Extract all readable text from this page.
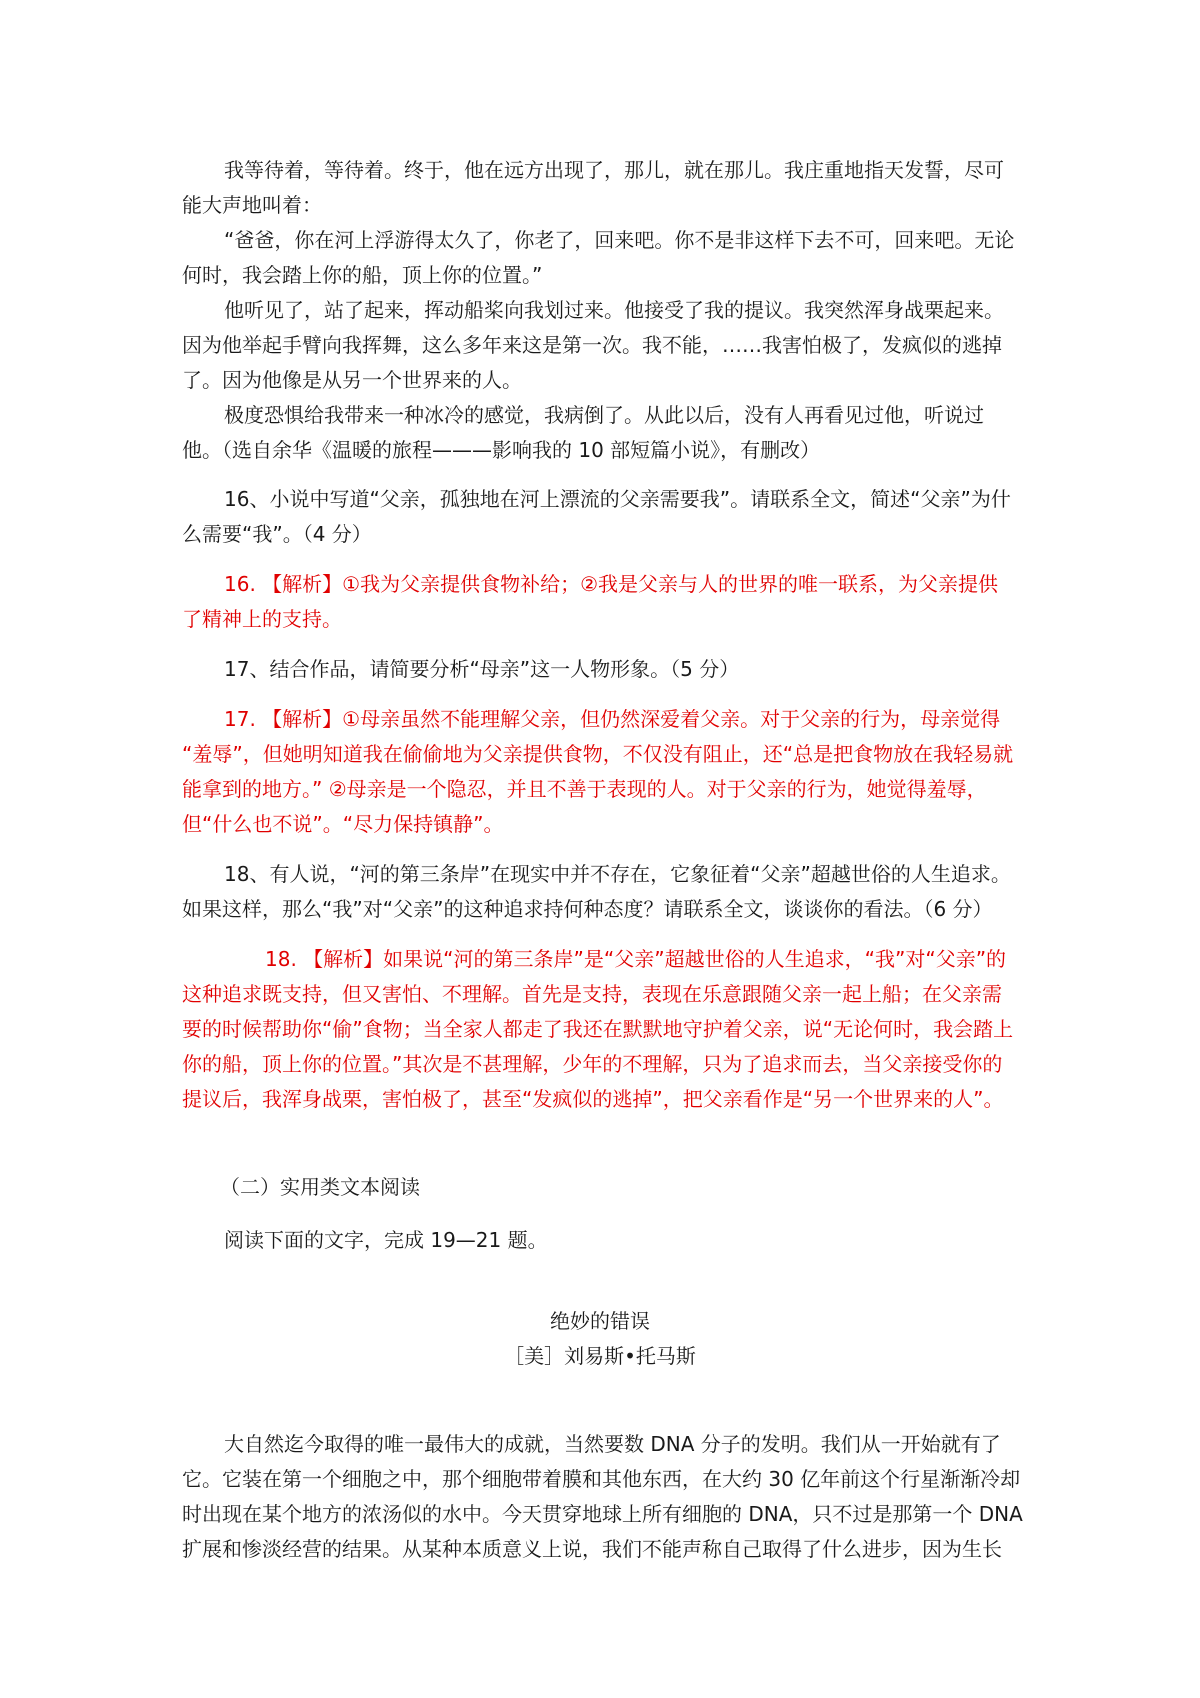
我等待着，等待着。终于，他在远方出现了，那儿，就在那儿。我庄重地指天发誓，尽可
能大声地叫着：
“爸爸，你在河上浮游得太久了，你老了，回来吧。你不是非这样下去不可，回来吧。无论
何时，我会踏上你的船，顶上你的位置。”
他听见了，站了起来，挥动船桨向我划过来。他接受了我的提议。我突然浑身战栗起来。
因为他举起手臂向我挥舞，这么多年来这是第一次。我不能，……我害怕极了，发疯似的逃掉
了。因为他像是从另一个世界来的人。
极度恐惧给我带来一种冰冷的感觉，我病倒了。从此以后，没有人再看见过他，听说过
他。（选自余华《温暖的旅程———影响我的 10 部短篇小说》，有删改）
16、小说中写道“父亲，孤独地在河上漂流的父亲需要我”。请联系全文，简述“父亲”为什
么需要“我”。（4 分）
16. 【解析】①我为父亲提供食物补给；②我是父亲与人的世界的唯一联系，为父亲提供
了精神上的支持。
17、结合作品，请简要分析“母亲”这一人物形象。（5 分）
17. 【解析】①母亲虽然不能理解父亲，但仍然深爱着父亲。对于父亲的行为，母亲觉得
“羞辱”，但她明知道我在偷偷地为父亲提供食物，不仅没有阻止，还“总是把食物放在我轻易就
能拿到的地方。” ②母亲是一个隐忍，并且不善于表现的人。对于父亲的行为，她觉得羞辱，
但“什么也不说”。“尽力保持镇静”。
18、有人说，“河的第三条岸”在现实中并不存在，它象征着“父亲”超越世俗的人生追求。
如果这样，那么“我”对“父亲”的这种追求持何种态度？请联系全文，谈谈你的看法。（6 分）
18. 【解析】如果说“河的第三条岸”是“父亲”超越世俗的人生追求，“我”对“父亲”的
这种追求既支持，但又害怕、不理解。首先是支持，表现在乐意跟随父亲一起上船；在父亲需
要的时候帮助你“偷”食物；当全家人都走了我还在默默地守护着父亲，说“无论何时，我会踏上
你的船，顶上你的位置。”其次是不甚理解，少年的不理解，只为了追求而去，当父亲接受你的
提议后，我浑身战栗，害怕极了，甚至“发疯似的逃掉”，把父亲看作是“另一个世界来的人”。
（二）实用类文本阅读
阅读下面的文字，完成 19—21 题。
绝妙的错误
［美］刘易斯•托马斯
大自然迄今取得的唯一最伟大的成就，当然要数 DNA 分子的发明。我们从一开始就有了
它。它装在第一个细胞之中，那个细胞带着膜和其他东西，在大约 30 亿年前这个行星渐渐冷却
时出现在某个地方的浓汤似的水中。今天贯穿地球上所有细胞的 DNA，只不过是那第一个 DNA
扩展和惨淡经营的结果。从某种本质意义上说，我们不能声称自己取得了什么进步，因为生长
